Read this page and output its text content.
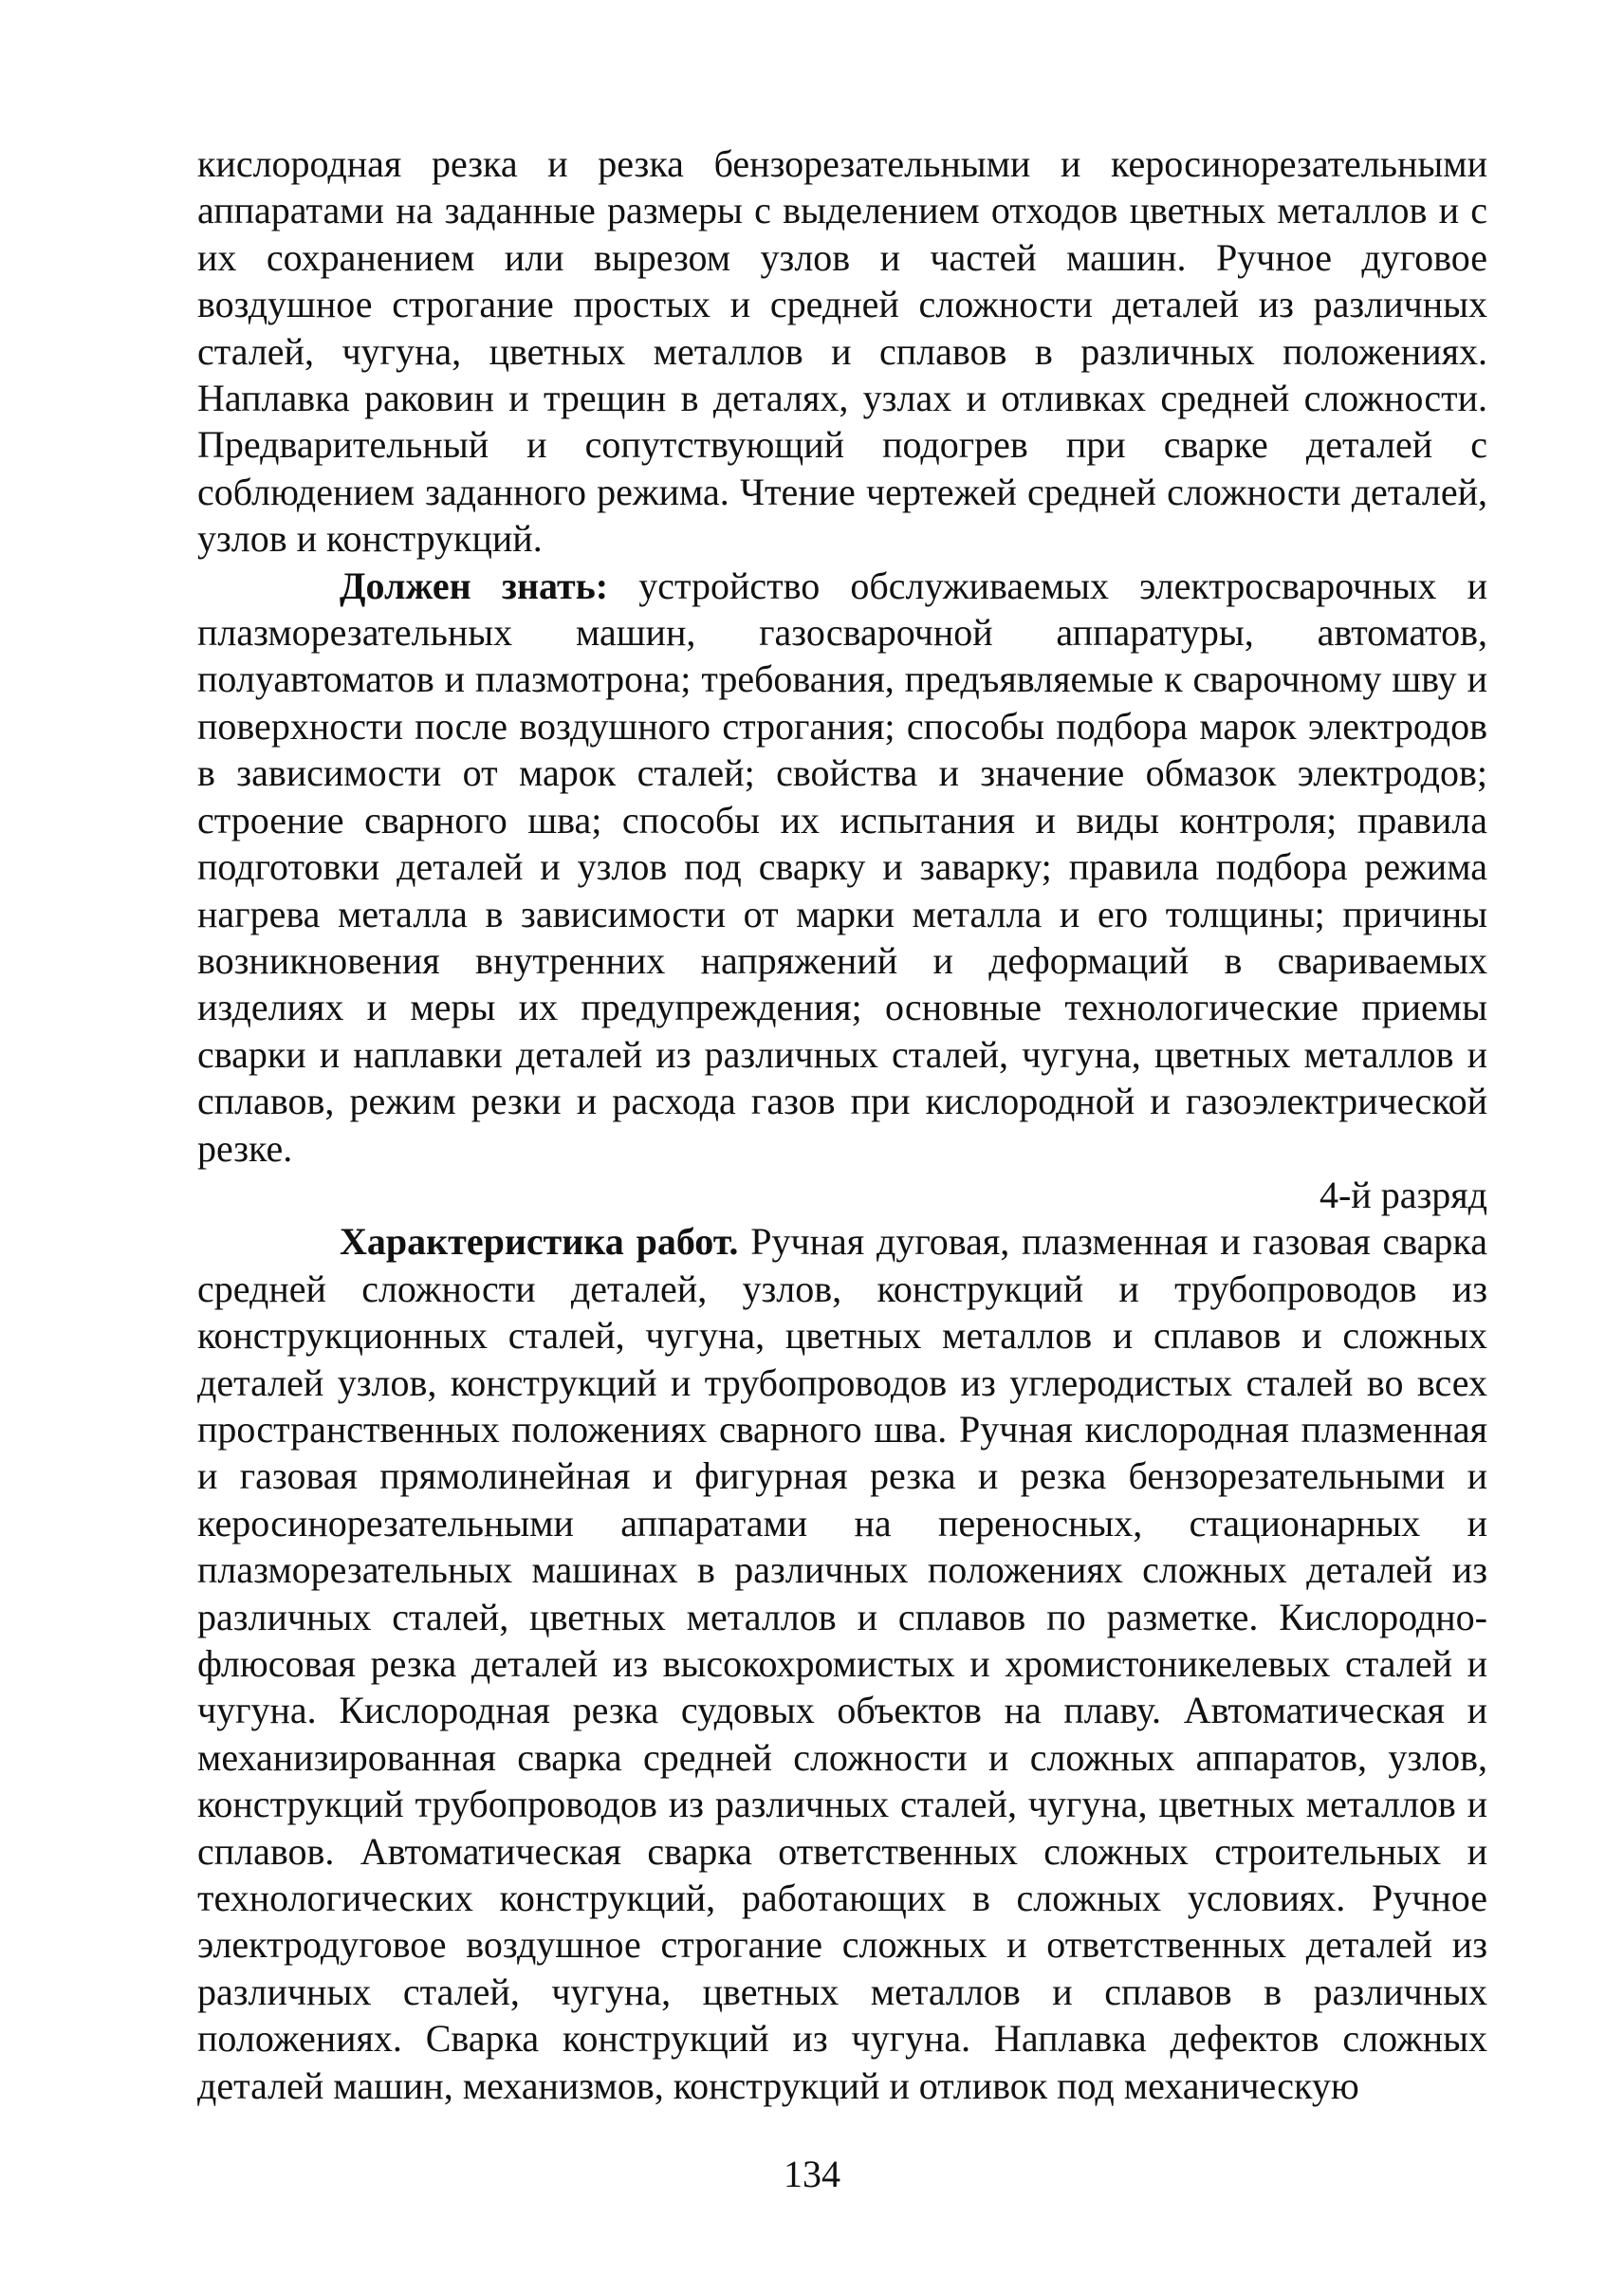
кислородная резка и резка бензорезательными и керосинорезательными аппаратами на заданные размеры с выделением отходов цветных металлов и с их сохранением или вырезом узлов и частей машин. Ручное дуговое воздушное строгание простых и средней сложности деталей из различных сталей, чугуна, цветных металлов и сплавов в различных положениях. Наплавка раковин и трещин в деталях, узлах и отливках средней сложности. Предварительный и сопутствующий подогрев при сварке деталей с соблюдением заданного режима. Чтение чертежей средней сложности деталей, узлов и конструкций.

Должен знать: устройство обслуживаемых электросварочных и плазморезательных машин, газосварочной аппаратуры, автоматов, полуавтоматов и плазмотрона; требования, предъявляемые к сварочному шву и поверхности после воздушного строгания; способы подбора марок электродов в зависимости от марок сталей; свойства и значение обмазок электродов; строение сварного шва; способы их испытания и виды контроля; правила подготовки деталей и узлов под сварку и заварку; правила подбора режима нагрева металла в зависимости от марки металла и его толщины; причины возникновения внутренних напряжений и деформаций в свариваемых изделиях и меры их предупреждения; основные технологические приемы сварки и наплавки деталей из различных сталей, чугуна, цветных металлов и сплавов, режим резки и расхода газов при кислородной и газоэлектрической резке.

4-й разряд

Характеристика работ. Ручная дуговая, плазменная и газовая сварка средней сложности деталей, узлов, конструкций и трубопроводов из конструкционных сталей, чугуна, цветных металлов и сплавов и сложных деталей узлов, конструкций и трубопроводов из углеродистых сталей во всех пространственных положениях сварного шва. Ручная кислородная плазменная и газовая прямолинейная и фигурная резка и резка бензорезательными и керосинорезательными аппаратами на переносных, стационарных и плазморезательных машинах в различных положениях сложных деталей из различных сталей, цветных металлов и сплавов по разметке. Кислородно-флюсовая резка деталей из высокохромистых и хромистоникелевых сталей и чугуна. Кислородная резка судовых объектов на плаву. Автоматическая и механизированная сварка средней сложности и сложных аппаратов, узлов, конструкций трубопроводов из различных сталей, чугуна, цветных металлов и сплавов. Автоматическая сварка ответственных сложных строительных и технологических конструкций, работающих в сложных условиях. Ручное электродуговое воздушное строгание сложных и ответственных деталей из различных сталей, чугуна, цветных металлов и сплавов в различных положениях. Сварка конструкций из чугуна. Наплавка дефектов сложных деталей машин, механизмов, конструкций и отливок под механическую

134
